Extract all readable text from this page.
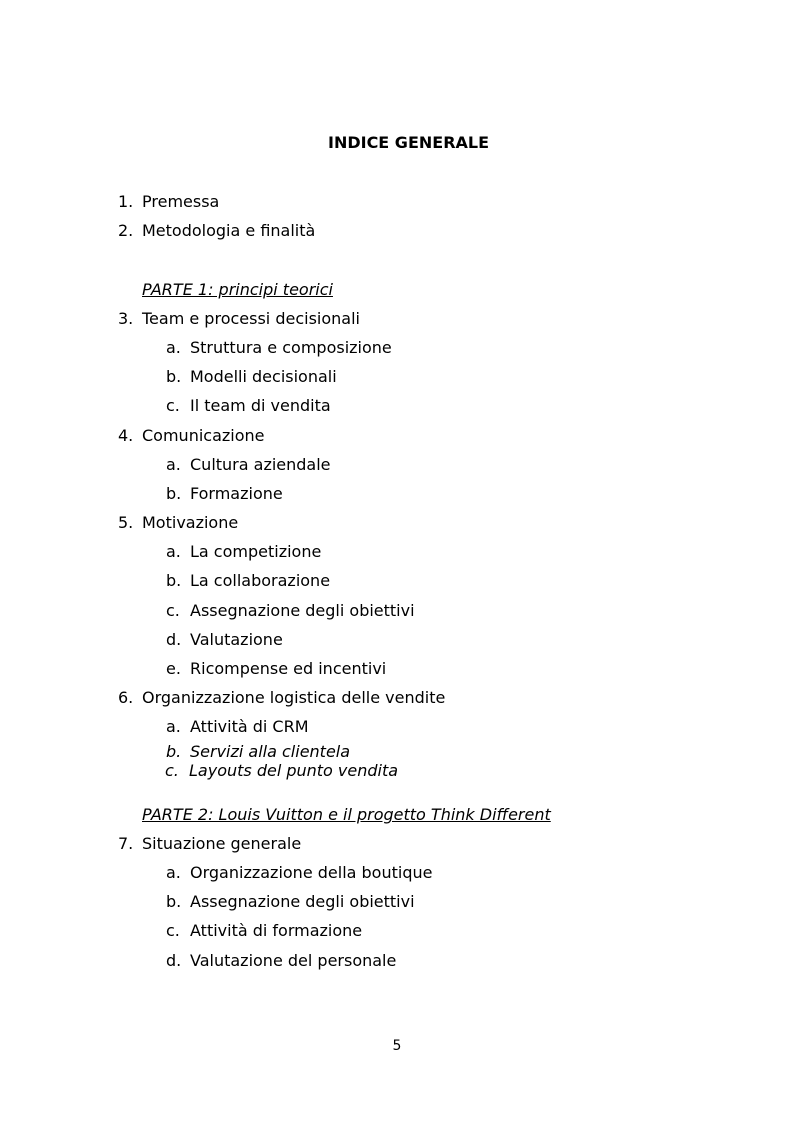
INDICE GENERALE
1. Premessa
2. Metodologia e finalità
PARTE 1: principi teorici
3. Team e processi decisionali
a. Struttura e composizione
b. Modelli decisionali
c. Il team di vendita
4. Comunicazione
a. Cultura aziendale
b. Formazione
5. Motivazione
a. La competizione
b. La collaborazione
c. Assegnazione degli obiettivi
d. Valutazione
e. Ricompense ed incentivi
6. Organizzazione logistica delle vendite
a. Attività di CRM
b. Servizi alla clientela
c. Layouts del punto vendita
PARTE 2: Louis Vuitton e il progetto Think Different
7. Situazione generale
a. Organizzazione della boutique
b. Assegnazione degli obiettivi
c. Attività di formazione
d. Valutazione del personale
5
